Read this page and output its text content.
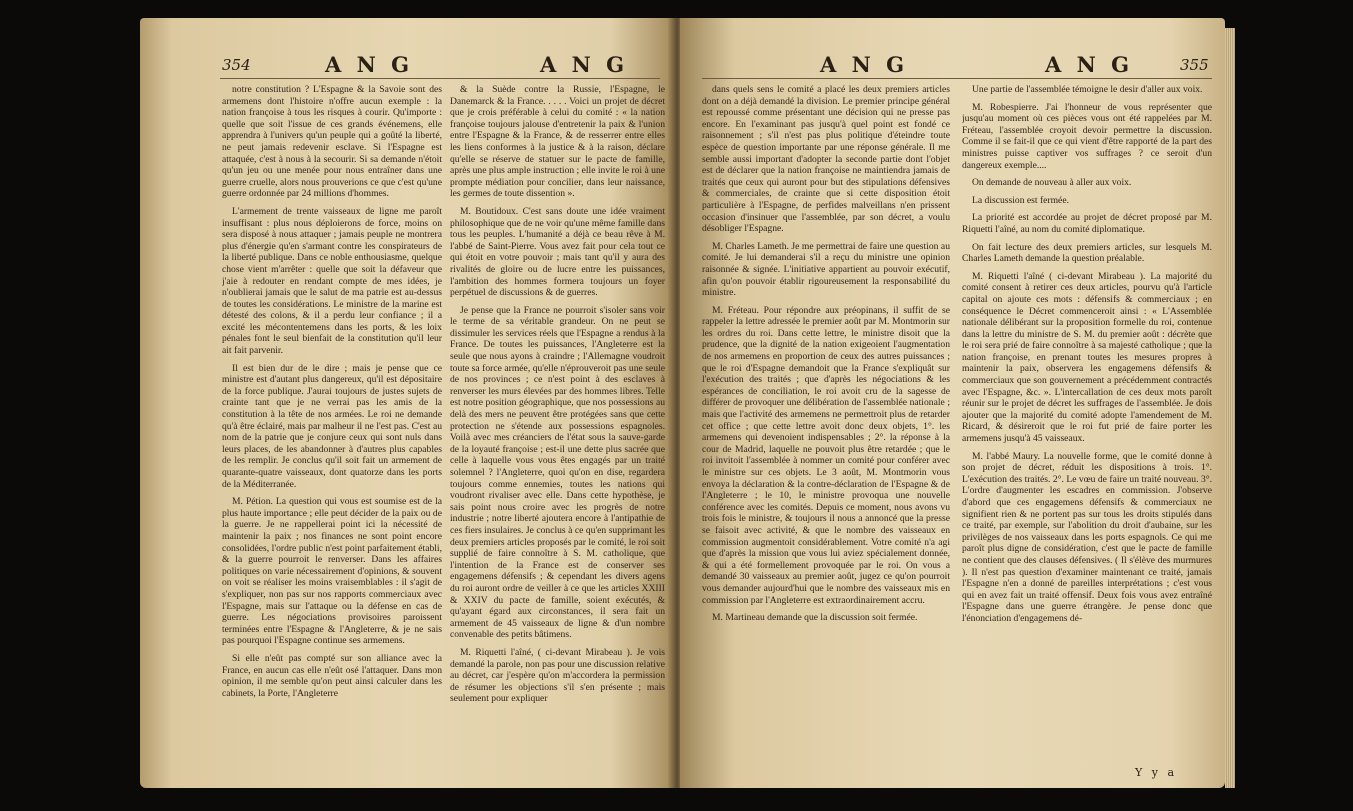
354	A N G	A N G

notre constitution ? L'Espagne & la Savoie sont des armemens dont l'histoire n'offre aucun exemple : la nation françoise à tous les risques à courir. Qu'importe : quelle que soit l'issue de ces grands événemens, elle apprendra à l'univers qu'un peuple qui a goûté la liberté, ne peut jamais redevenir esclave. Si l'Espagne est attaquée, c'est à nous à la secourir. Si sa demande n'étoit qu'un jeu ou une menée pour nous entraîner dans une guerre cruelle, alors nous prouverions ce que c'est qu'une guerre ordonnée par 24 millions d'hommes.

L'armement de trente vaisseaux de ligne me paroît insuffisant : plus nous déploierons de force, moins on sera disposé à nous attaquer ; jamais peuple ne montrera plus d'énergie qu'en s'armant contre les conspirateurs de la liberté publique. Dans ce noble enthousiasme, quelque chose vient m'arrêter : quelle que soit la défaveur que j'aie à redouter en rendant compte de mes idées, je n'oublierai jamais que le salut de ma patrie est au-dessus de toutes les considérations. Le ministre de la marine est détesté des colons, & il a perdu leur confiance ; il a excité les mécontentemens dans les ports, & les loix pénales font le seul bienfait de la constitution qu'il leur ait fait parvenir.

Il est bien dur de le dire ; mais je pense que ce ministre est d'autant plus dangereux, qu'il est dépositaire de la force publique. J'aurai toujours de justes sujets de crainte tant que je ne verrai pas les amis de la constitution à la tête de nos armées. Le roi ne demande qu'à être éclairé, mais par malheur il ne l'est pas. C'est au nom de la patrie que je conjure ceux qui sont nuls dans leurs places, de les abandonner à d'autres plus capables de les remplir. Je conclus qu'il soit fait un armement de quarante-quatre vaisseaux, dont quatorze dans les ports de la Méditerranée.

M. Pétion. La question qui vous est soumise est de la plus haute importance ; elle peut décider de la paix ou de la guerre. Je ne rappellerai point ici la nécessité de maintenir la paix ; nos finances ne sont point encore consolidées, l'ordre public n'est point parfaitement établi, & la guerre pourroit le renverser. Dans les affaires politiques on varie nécessairement d'opinions, & souvent on voit se réaliser les moins vraisemblables : il s'agit de s'expliquer, non pas sur nos rapports commerciaux avec l'Espagne, mais sur l'attaque ou la défense en cas de guerre. Les négociations provisoires paroissent terminées entre l'Espagne & l'Angleterre, & je ne sais pas pourquoi l'Espagne continue ses armemens.

Si elle n'eût pas compté sur son alliance avec la France, en aucun cas elle n'eût osé l'attaquer. Dans mon opinion, il me semble qu'on peut ainsi calculer dans les cabinets, la Porte, l'Angleterre

& la Suède contre la Russie, l'Espagne, le Danemarck & la France. . . . . Voici un projet de décret que je crois préférable à celui du comité : « la nation françoise toujours jalouse d'entretenir la paix & l'union entre l'Espagne & la France, & de resserrer entre elles les liens conformes à la justice & à la raison, déclare qu'elle se réserve de statuer sur le pacte de famille, après une plus ample instruction ; elle invite le roi à une prompte médiation pour concilier, dans leur naissance, les germes de toute dissention ».

M. Boutidoux. C'est sans doute une idée vraiment philosophique que de ne voir qu'une même famille dans tous les peuples. L'humanité a déjà ce beau rêve à M. l'abbé de Saint-Pierre. Vous avez fait pour cela tout ce qui étoit en votre pouvoir ; mais tant qu'il y aura des rivalités de gloire ou de lucre entre les puissances, l'ambition des hommes formera toujours un foyer perpétuel de discussions & de guerres.

Je pense que la France ne pourroit s'isoler sans voir le terme de sa véritable grandeur. On ne peut se dissimuler les services réels que l'Espagne a rendus à la France. De toutes les puissances, l'Angleterre est la seule que nous ayons à craindre ; l'Allemagne voudroit toute sa force armée, qu'elle n'éprouveroit pas une seule de nos provinces ; ce n'est point à des esclaves à renverser les murs élevées par des hommes libres. Telle est notre position géographique, que nos possessions au delà des mers ne peuvent être protégées sans que cette protection ne s'étende aux possessions espagnoles. Voilà avec mes créanciers de l'état sous la sauve-garde de la loyauté françoise ; est-il une dette plus sacrée que celle à laquelle vous vous êtes engagés par un traité solemnel ? l'Angleterre, quoi qu'on en dise, regardera toujours comme ennemies, toutes les nations qui voudront rivaliser avec elle. Dans cette hypothèse, je sais point nous croire avec les progrès de notre industrie ; notre liberté ajoutera encore à l'antipathie de ces fiers insulaires. Je conclus à ce qu'en supprimant les deux premiers articles proposés par le comité, le roi soit supplié de faire connoître à S. M. catholique, que l'intention de la France est de conserver ses engagemens défensifs ; & cependant les divers agens du roi auront ordre de veiller à ce que les articles XXIII & XXIV du pacte de famille, soient exécutés, & qu'ayant égard aux circonstances, il sera fait un armement de 45 vaisseaux de ligne & d'un nombre convenable des petits bâtimens.

M. Riquetti l'aîné, ( ci-devant Mirabeau ). Je vois demandé la parole, non pas pour une discussion relative au décret, car j'espère qu'on m'accordera la permission de résumer les objections s'il s'en présente ; mais seulement pour expliquer

A N G	A N G	355

dans quels sens le comité a placé les deux premiers articles dont on a déjà demandé la division. Le premier principe général est repoussé comme présentant une décision qui ne presse pas encore. En l'examinant pas jusqu'à quel point est fondé ce raisonnement ; s'il n'est pas plus politique d'éteindre toute espèce de question importante par une réponse générale. Il me semble aussi important d'adopter la seconde partie dont l'objet est de déclarer que la nation françoise ne maintiendra jamais de traités que ceux qui auront pour but des stipulations défensives & commerciales, de crainte que si cette disposition étoit particulière à l'Espagne, de perfides malveillans n'en prissent occasion d'insinuer que l'assemblée, par son décret, a voulu désobliger l'Espagne.

M. Charles Lameth. Je me permettrai de faire une question au comité. Je lui demanderai s'il a reçu du ministre une opinion raisonnée & signée. L'initiative appartient au pouvoir exécutif, afin qu'on pouvoir établir rigoureusement la responsabilité du ministre.

M. Fréteau. Pour répondre aux préopinans, il suffit de se rappeler la lettre adressée le premier août par M. Montmorin sur les ordres du roi. Dans cette lettre, le ministre disoit que la prudence, que la dignité de la nation exigeoient l'augmentation de nos armemens en proportion de ceux des autres puissances ; que le roi d'Espagne demandoit que la France s'expliquât sur l'exécution des traités ; que d'après les négociations & les espérances de conciliation, le roi avoit cru de la sagesse de différer de provoquer une délibération de l'assemblée nationale ; mais que l'activité des armemens ne permettroit plus de retarder cet office ; que cette lettre avoit donc deux objets, 1°. les armemens qui devenoient indispensables ; 2°. la réponse à la cour de Madrid, laquelle ne pouvoit plus être retardée ; que le roi invitoit l'assemblée à nommer un comité pour conférer avec le ministre sur ces objets. Le 3 août, M. Montmorin vous envoya la déclaration & la contre-déclaration de l'Espagne & de l'Angleterre ; le 10, le ministre provoqua une nouvelle conférence avec les comités. Depuis ce moment, nous avons vu trois fois le ministre, & toujours il nous a annoncé que la presse se faisoit avec activité, & que le nombre des vaisseaux en commission augmentoit considérablement. Votre comité n'a agi que d'après la mission que vous lui aviez spécialement donnée, & qui a été formellement provoquée par le roi. On vous a demandé 30 vaisseaux au premier août, jugez ce qu'on pourroit vous demander aujourd'hui que le nombre des vaisseaux mis en commission par l'Angleterre est extraordinairement accru.

M. Martineau demande que la discussion soit fermée.

Une partie de l'assemblée témoigne le desir d'aller aux voix.

M. Robespierre. J'ai l'honneur de vous représenter que jusqu'au moment où ces pièces vous ont été rappelées par M. Fréteau, l'assemblée croyoit devoir permettre la discussion. Comme il se fait-il que ce qui vient d'être rapporté de la part des ministres puisse captiver vos suffrages ? ce seroit d'un dangereux exemple....

On demande de nouveau à aller aux voix.

La discussion est fermée.

La priorité est accordée au projet de décret proposé par M. Riquetti l'aîné, au nom du comité diplomatique.

On fait lecture des deux premiers articles, sur lesquels M. Charles Lameth demande la question préalable.

M. Riquetti l'aîné ( ci-devant Mirabeau ). La majorité du comité consent à retirer ces deux articles, pourvu qu'à l'article capital on ajoute ces mots : défensifs & commerciaux ; en conséquence le Décret commenceroit ainsi : « L'Assemblée nationale délibérant sur la proposition formelle du roi, contenue dans la lettre du ministre de S. M. du premier août : décrète que le roi sera prié de faire connoître à sa majesté catholique ; que la nation françoise, en prenant toutes les mesures propres à maintenir la paix, observera les engagemens défensifs & commerciaux que son gouvernement a précédemment contractés avec l'Espagne, &c. ». L'intercallation de ces deux mots paroît réunir sur le projet de décret les suffrages de l'assemblée. Je dois ajouter que la majorité du comité adopte l'amendement de M. Ricard, & désireroit que le roi fut prié de faire porter les armemens jusqu'à 45 vaisseaux.

M. l'abbé Maury. La nouvelle forme, que le comité donne à son projet de décret, réduit les dispositions à trois. 1°. L'exécution des traités. 2°. Le vœu de faire un traité nouveau. 3°. L'ordre d'augmenter les escadres en commission. J'observe d'abord que ces engagemens défensifs & commerciaux ne signifient rien & ne portent pas sur tous les droits stipulés dans ce traité, par exemple, sur l'abolition du droit d'aubaine, sur les privilèges de nos vaisseaux dans les ports espagnols. Ce qui me paroît plus digne de considération, c'est que le pacte de famille ne contient que des clauses défensives. ( Il s'élève des murmures ). Il n'est pas question d'examiner maintenant ce traité, jamais l'Espagne n'en a donné de pareilles interprétations ; c'est vous qui en avez fait un traité offensif. Deux fois vous avez entraîné l'Espagne dans une guerre étrangère. Je pense donc que l'énonciation d'engagemens dé-

Y y a
